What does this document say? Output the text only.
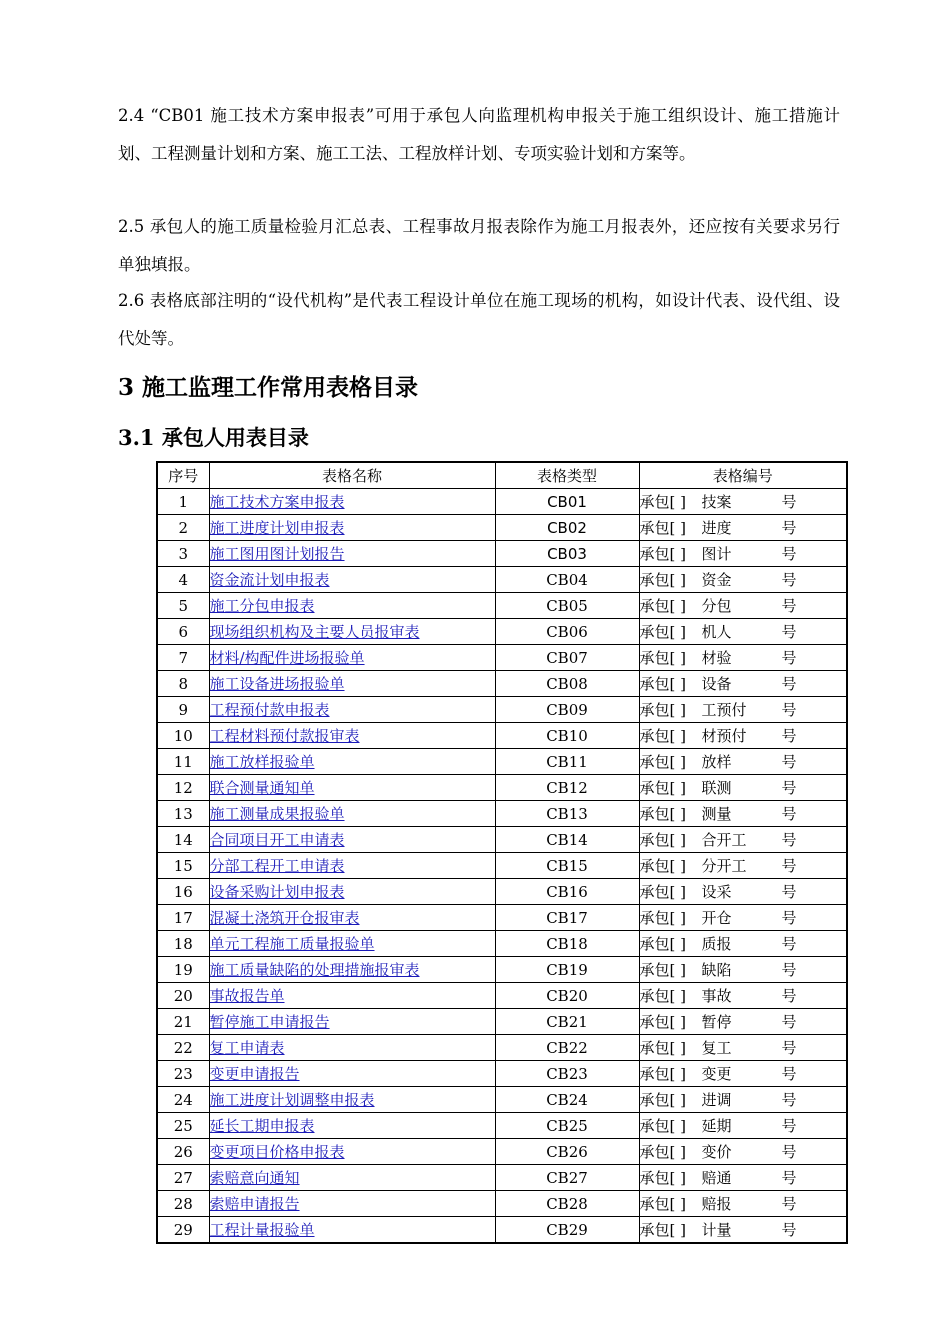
2.4 “CB01 施工技术方案申报表”可用于承包人向监理机构申报关于施工组织设计、施工措施计划、工程测量计划和方案、施工工法、工程放样计划、专项实验计划和方案等。

2.5 承包人的施工质量检验月汇总表、工程事故月报表除作为施工月报表外，还应按有关要求另行单独填报。

2.6 表格底部注明的“设代机构”是代表工程设计单位在施工现场的机构，如设计代表、设代组、设代处等。

3 施工监理工作常用表格目录
3.1 承包人用表目录
序号	表格名称	表格类型	表格编号
1	施工技术方案申报表	CB01	承包[ ] 技案 号
2	施工进度计划申报表	CB02	承包[ ] 进度 号
3	施工图用图计划报告	CB03	承包[ ] 图计 号
4	资金流计划申报表	CB04	承包[ ] 资金 号
5	施工分包申报表	CB05	承包[ ] 分包 号
6	现场组织机构及主要人员报审表	CB06	承包[ ] 机人 号
7	材料/构配件进场报验单	CB07	承包[ ] 材验 号
8	施工设备进场报验单	CB08	承包[ ] 设备 号
9	工程预付款申报表	CB09	承包[ ] 工预付 号
10	工程材料预付款报审表	CB10	承包[ ] 材预付 号
11	施工放样报验单	CB11	承包[ ] 放样 号
12	联合测量通知单	CB12	承包[ ] 联测 号
13	施工测量成果报验单	CB13	承包[ ] 测量 号
14	合同项目开工申请表	CB14	承包[ ] 合开工 号
15	分部工程开工申请表	CB15	承包[ ] 分开工 号
16	设备采购计划申报表	CB16	承包[ ] 设采 号
17	混凝土浇筑开仓报审表	CB17	承包[ ] 开仓 号
18	单元工程施工质量报验单	CB18	承包[ ] 质报 号
19	施工质量缺陷的处理措施报审表	CB19	承包[ ] 缺陷 号
20	事故报告单	CB20	承包[ ] 事故 号
21	暂停施工申请报告	CB21	承包[ ] 暂停 号
22	复工申请表	CB22	承包[ ] 复工 号
23	变更申请报告	CB23	承包[ ] 变更 号
24	施工进度计划调整申报表	CB24	承包[ ] 进调 号
25	延长工期申报表	CB25	承包[ ] 延期 号
26	变更项目价格申报表	CB26	承包[ ] 变价 号
27	索赔意向通知	CB27	承包[ ] 赔通 号
28	索赔申请报告	CB28	承包[ ] 赔报 号
29	工程计量报验单	CB29	承包[ ] 计量 号
